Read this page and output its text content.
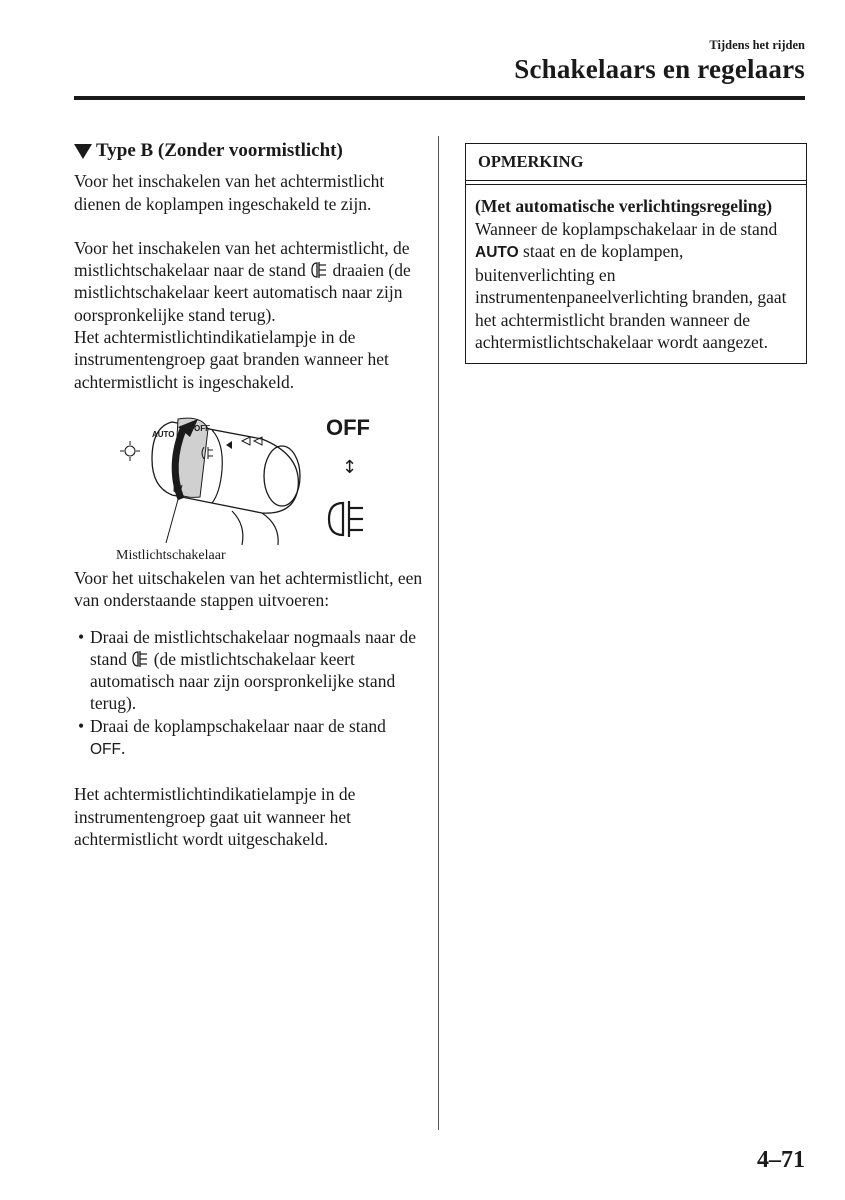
Tijdens het rijden
Schakelaars en regelaars
Type B (Zonder voormistlicht)

Voor het inschakelen van het achtermistlicht dienen de koplampen ingeschakeld te zijn.

Voor het inschakelen van het achtermistlicht, de mistlichtschakelaar naar de stand draaien (de mistlichtschakelaar keert automatisch naar zijn oorspronkelijke stand terug).

Het achtermistlichtindikatielampje in de instrumentengroep gaat branden wanneer het achtermistlicht is ingeschakeld.

AUTO
OFF	OFF
↕
Mistlichtschakelaar

Voor het uitschakelen van het achtermistlicht, een van onderstaande stappen uitvoeren:

• Draai de mistlichtschakelaar nogmaals naar de stand (de mistlichtschakelaar keert automatisch naar zijn oorspronkelijke stand terug).
• Draai de koplampschakelaar naar de stand OFF.

Het achtermistlichtindikatielampje in de instrumentengroep gaat uit wanneer het achtermistlicht wordt uitgeschakeld.

OPMERKING
(Met automatische verlichtingsregeling)
Wanneer de koplampschakelaar in de stand AUTO staat en de koplampen, buitenverlichting en instrumentenpaneelverlichting branden, gaat het achtermistlicht branden wanneer de achtermistlichtschakelaar wordt aangezet.
4–71
